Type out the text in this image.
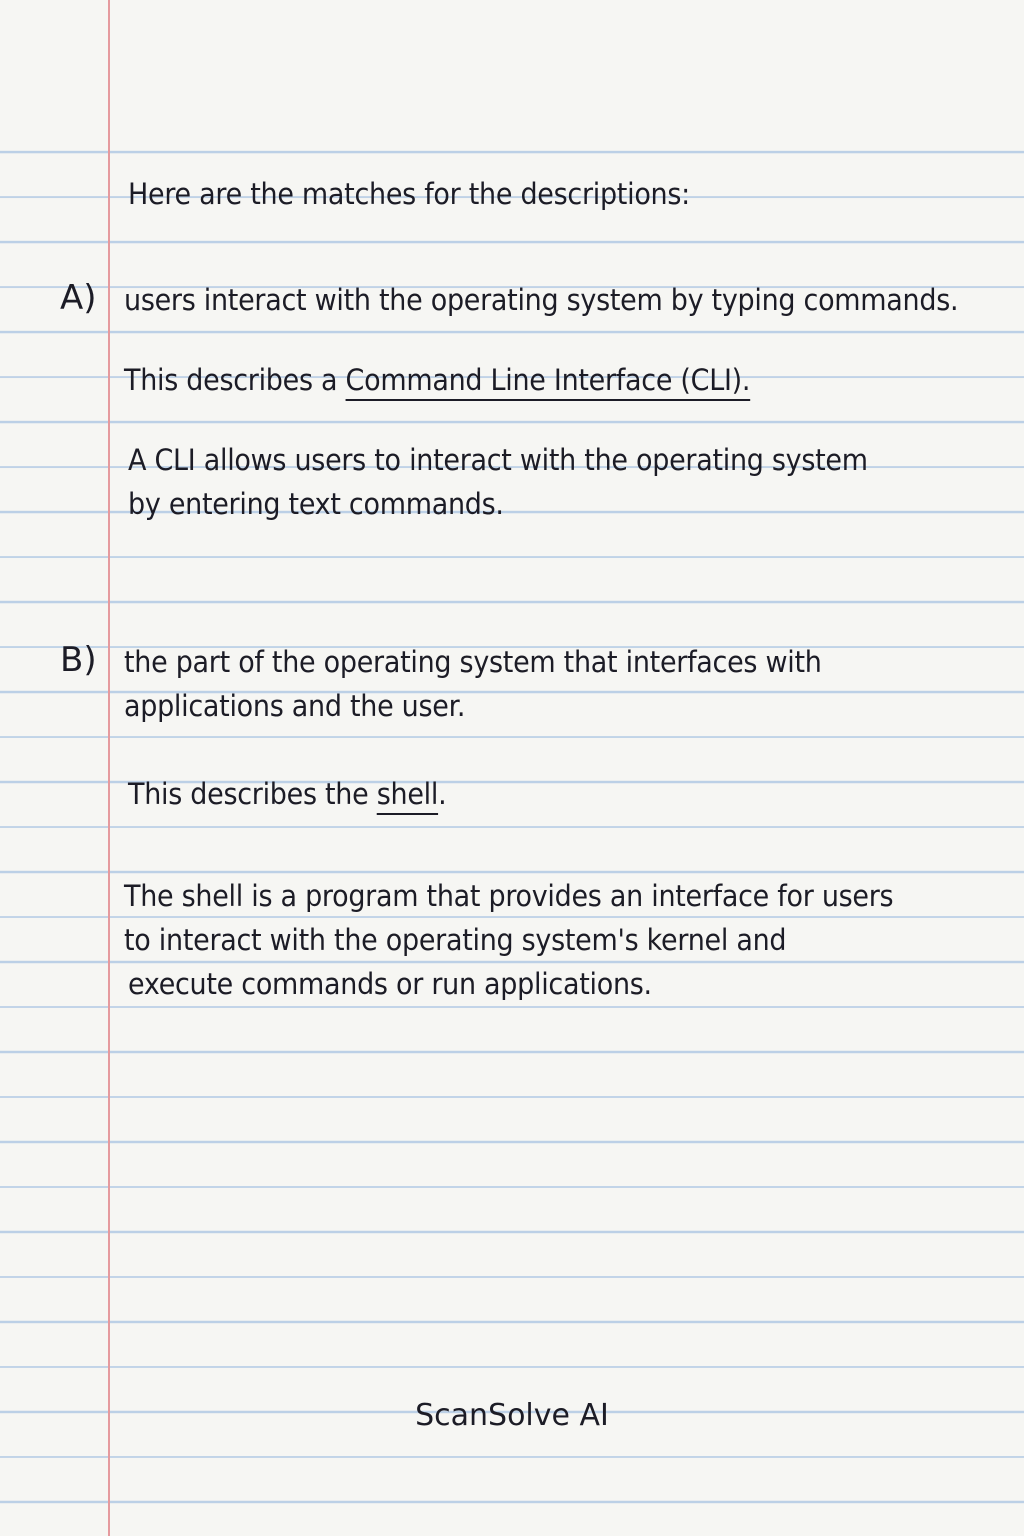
Here are the matches for the descriptions:
A) users interact with the operating system by typing commands.
This describes a Command Line Interface (CLI).
A CLI allows users to interact with the operating system
by entering text commands.
B) the part of the operating system that interfaces with
applications and the user.
This describes the shell.
The shell is a program that provides an interface for users
to interact with the operating system's kernel and
execute commands or run applications.
ScanSolve AI
